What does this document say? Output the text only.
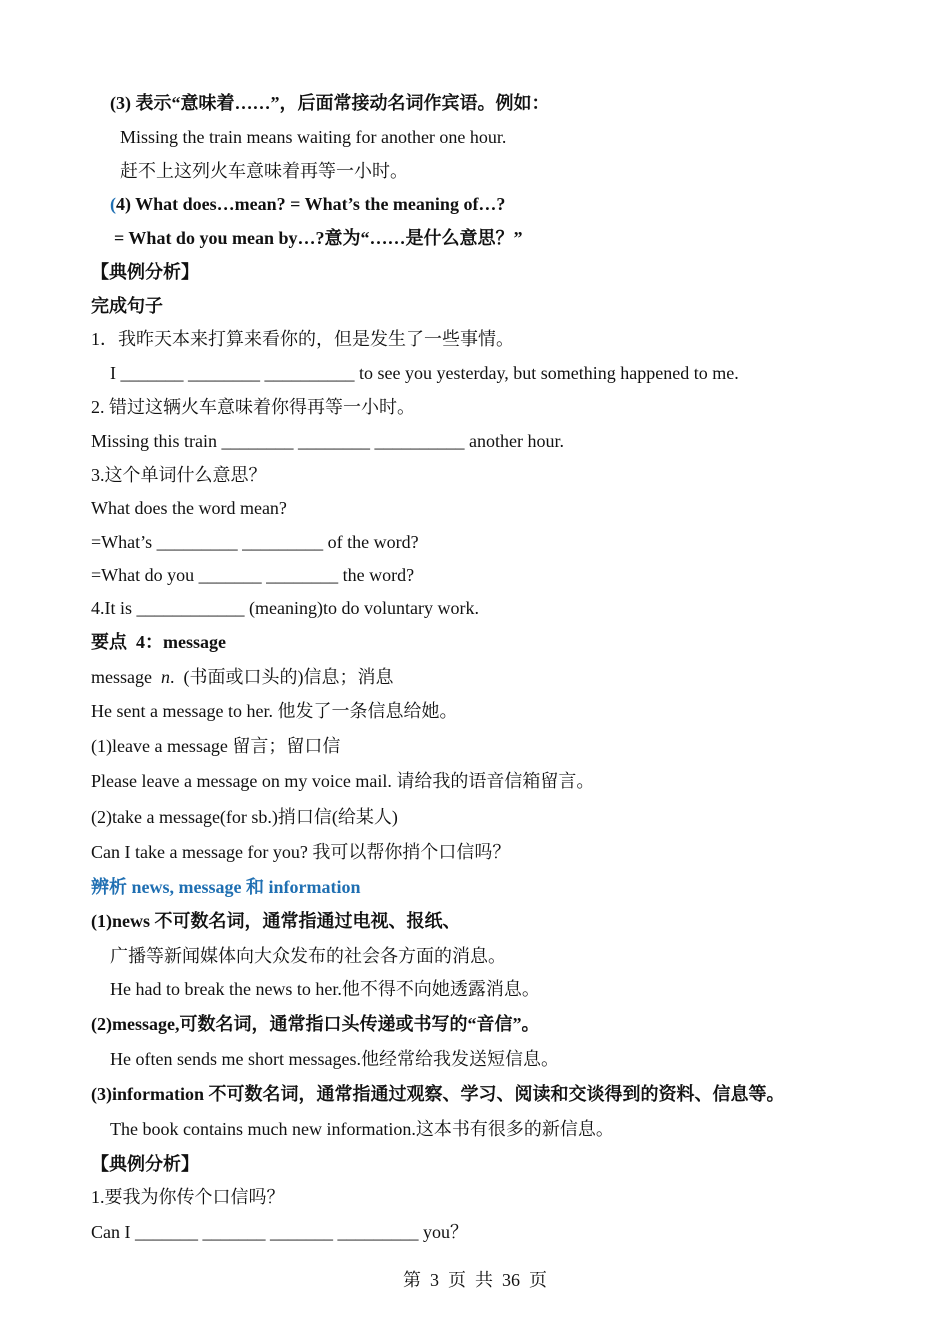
(3) 表示“意味着……”，后面常接动名词作宾语。例如：
Missing the train means waiting for another one hour.
赶不上这列火车意味着再等一小时。
(4) What does…mean? = What’s the meaning of…?
= What do you mean by…?意为“……是什么意思？”
【典例分析】
完成句子
1．我昨天本来打算来看你的，但是发生了一些事情。
I _______ ________ __________ to see you yesterday, but something happened to me.
2. 错过这辆火车意味着你得再等一小时。
Missing this train ________ ________ __________ another hour.
3.这个单词什么意思？
What does the word mean?
=What’s _________ _________ of the word?
=What do you _______ ________ the word?
4.It is ____________ (meaning)to do voluntary work.
要点  4：message
message n.  (书面或口头的)信息；消息
He sent a message to her. 他发了一条信息给她。
(1)leave a message 留言；留口信
Please leave a message on my voice mail. 请给我的语音信箱留言。
(2)take a message(for sb.)捎口信(给某人)
Can I take a message for you? 我可以帮你捎个口信吗？
辨析 news, message 和 information
(1)news 不可数名词，通常指通过电视、报纸、
广播等新闻媒体向大众发布的社会各方面的消息。
He had to break the news to her.他不得不向她透露消息。
(2)message,可数名词，通常指口头传递或书写的“音信”。
He often sends me short messages.他经常给我发送短信息。
(3)information 不可数名词，通常指通过观察、学习、阅读和交谈得到的资料、信息等。
The book contains much new information.这本书有很多的新信息。
【典例分析】
1.要我为你传个口信吗？
Can I _______ _______ _______ _________ you？
第  3  页  共  36  页
